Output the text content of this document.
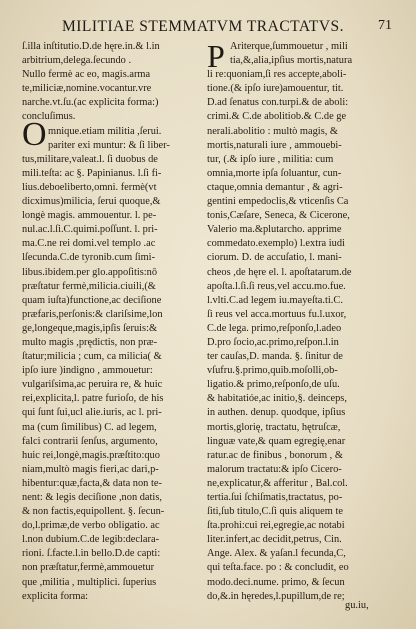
MILITIAE STEMMATVM TRACTATVS.	71
O
P
ſ.illa inſtitutio.D.de hęre.in.& l.in
arbitrium,delega.ſecundo .
Nullo fermè ac eo, magis.arma
te,miliciæ,nomine.vocantur.vre
narche.vt.ſu.(ac explicita forma:)
concluſimus.
mnique.etiam militia ,ſerui.
pariter exi muntur: & ſi liber-
tus,militare,valeat.l. ſi duobus de
mili.teſta: ac §. Papinianus. l.ſi fi-
lius.deboeliberto,omni. fermè(vt
dicximus)milicia, ſerui quoque,&
longè magis. ammouentur. l. pe-
nul.ac.l.ſi.C.quimi.poſſunt. l. pri-
ma.C.ne rei domi.vel templo .ac
lſecunda.C.de tyronib.cum ſimi-
libus.ibidem.per glo.appoſitis:nō
præſtatur fermè,milicia.ciuili,(&
quam iuſta)functione,ac deciſione
præfaris,perſonis:& clariſsime,lon
ge,longeque,magis,ipſis ſeruis:&
multo magis ,prędictis, non præ-
ſtatur;milicia ; cum, ca milicia( &
ipſo iure )indigno , ammouetur:
vulgariſsima,ac peruira re, & huic
rei,explicita,l. patre furioſo, de his
qui ſunt ſui,ucl alie.iuris, ac l. pri-
ma (cum ſimilibus) C. ad legem,
falci contrarii ſenſus, argumento,
huic rei,longè,magis.præſtito:quo
niam,multò magis fieri,ac dari,p-
hibentur:quæ,facta,& data non te-
nent: & legis deciſione ,non datis,
& non factis,equipollent. §. ſecun-
do,l.primæ,de verbo obligatio. ac
l.non dubium.C.de legib:declara-
rioni. ſ.facte.l.in bello.D.de capti:
non præſtatur,fermè,ammouetur
que ,militia , multiplici. ſuperius
explicita forma:
Ariterque,ſummouetur , mili
tia,&,alia,ipſius mortis,natura
li re:quoniam,ſi res accepte,aboli-
tione.(& ipſo iure)amouentur, tit.
D.ad ſenatus con.turpi.& de aboli:
crimi.& C.de abolitiob.& C.de ge
nerali.abolitio : multò magis, &
mortis,naturali iure , ammouebi-
tur, (.& ipſo iure , militia: cum
omnia,morte ipſa ſoluantur, cun-
ctaque,omnia demantur , & agri-
gentini empedoclis,& vticenſis Ca
tonis,Cæſare, Seneca, & Cicerone,
Valerio ma.&plutarcho. apprime
commedato.exemplo) l.extra iudi
ciorum. D. de accuſatio, l. mani-
cheos ,de hęre el. l. apoſtatarum.de
apoſta.l.ſi.ſi reus,vel accu.mo.fue.
l.vlti.C.ad legem iu.mayeſta.ti.C.
ſi reus vel acca.mortuus fu.l.uxor,
C.de lega. primo,reſponſo,l.adeo
D.pro ſocio,ac.primo,reſpon.l.in
ter cauſas,D. manda. §. ſinitur de
vſufru.§.primo,quib.moſolli,ob-
ligatio.& primo,reſponſo,de uſu.
& habitatióe,ac initio,§. deinceps,
in authen. denup. quodque, ipſius
mortis,glorię, tractatu, hętruſcæ,
linguæ vate,& quam egregię,enar
ratur.ac de finibus , bonorum , &
malorum tractatu:& ipſo Cicero-
ne,explicatur,& afferitur , Bal.col.
tertia.ſui ſchiſmatis,tractatus, po-
ſiti,ſub titulo,C.ſi quis aliquem te
ſta.prohi:cui rei,egregie,ac notabi
liter.infert,ac decidit,petrus, Cin.
Ange. Alex. & yaſan.l fecunda,C,
qui teſta.face. po : & concludit, eo
modo.deci.nume. primo, & ſecun
do,&.in hęredes,l.pupillum,de re;
gu.iu,
